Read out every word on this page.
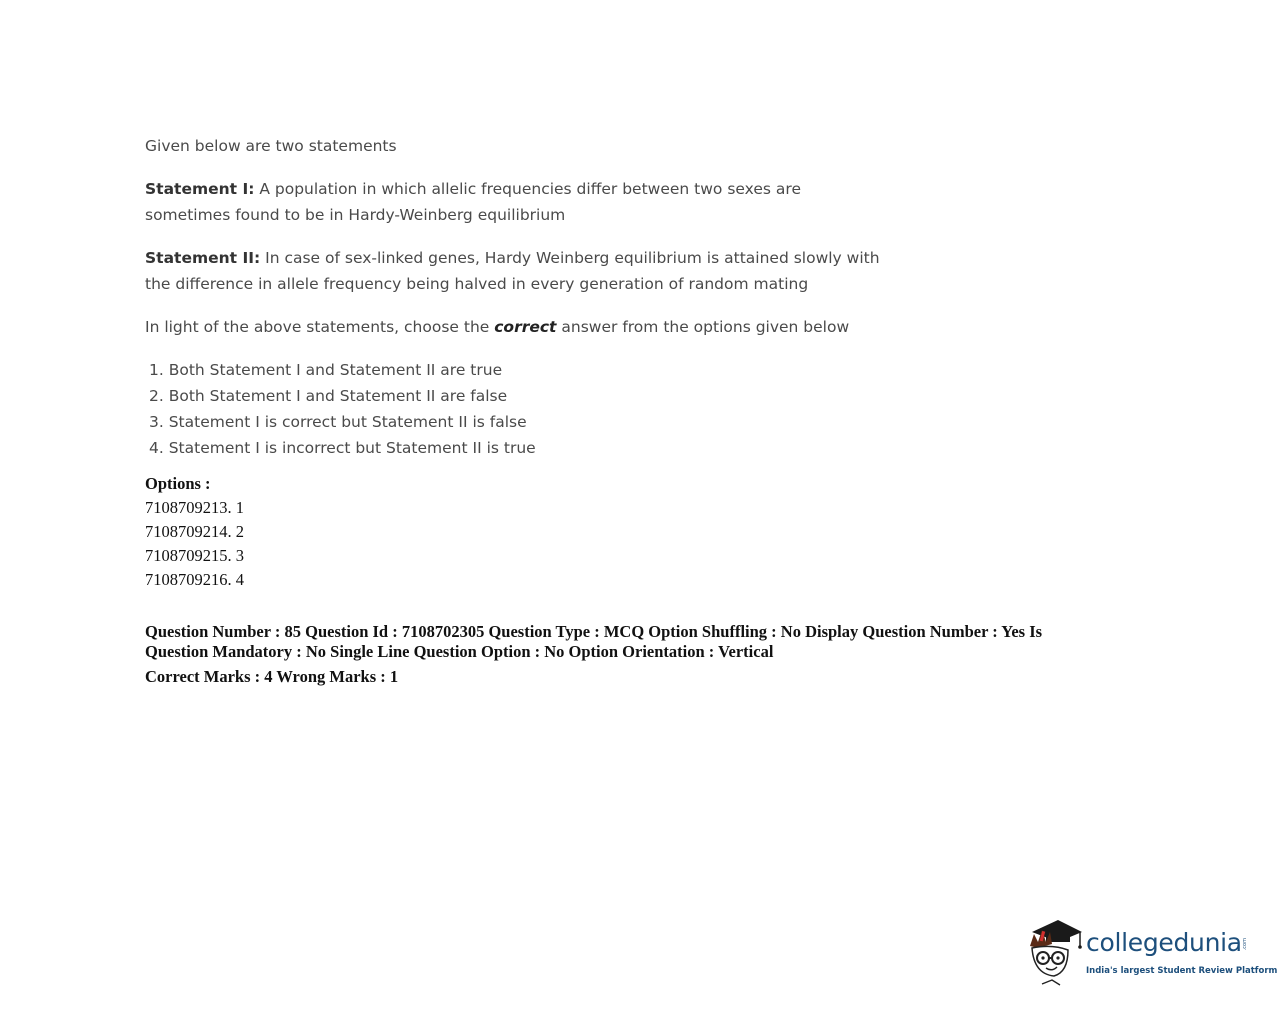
Given below are two statements

Statement I: A population in which allelic frequencies differ between two sexes are
sometimes found to be in Hardy-Weinberg equilibrium

Statement II: In case of sex-linked genes, Hardy Weinberg equilibrium is attained slowly with
the difference in allele frequency being halved in every generation of random mating

In light of the above statements, choose the correct answer from the options given below

1. Both Statement I and Statement II are true
2. Both Statement I and Statement II are false
3. Statement I is correct but Statement II is false
4. Statement I is incorrect but Statement II is true
Options :
7108709213. 1
7108709214. 2
7108709215. 3
7108709216. 4
Question Number : 85 Question Id : 7108702305 Question Type : MCQ Option Shuffling : No Display Question Number : Yes Is Question Mandatory : No Single Line Question Option : No Option Orientation : Vertical
Correct Marks : 4 Wrong Marks : 1
collegedunia .com
India's largest Student Review Platform
